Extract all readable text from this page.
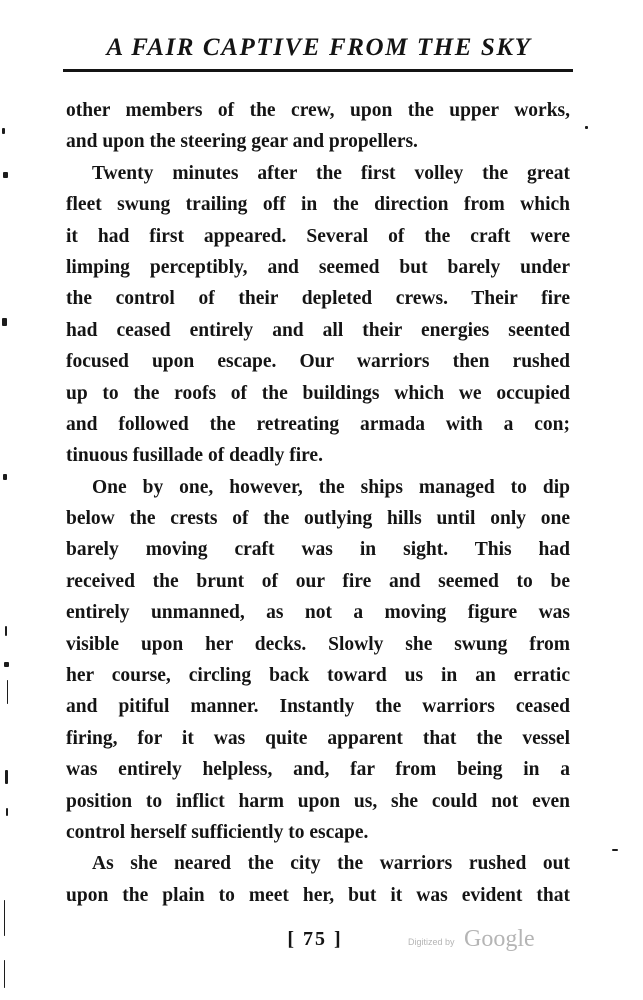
A FAIR CAPTIVE FROM THE SKY
other members of the crew, upon the upper works,
and upon the steering gear and propellers.
Twenty minutes after the first volley the great
fleet swung trailing off in the direction from which
it had first appeared. Several of the craft were
limping perceptibly, and seemed but barely under
the control of their depleted crews. Their fire
had ceased entirely and all their energies seented
focused upon escape. Our warriors then rushed
up to the roofs of the buildings which we occupied
and followed the retreating armada with a con;
tinuous fusillade of deadly fire.
One by one, however, the ships managed to dip
below the crests of the outlying hills until only one
barely moving craft was in sight. This had
received the brunt of our fire and seemed to be
entirely unmanned, as not a moving figure was
visible upon her decks. Slowly she swung from
her course, circling back toward us in an erratic
and pitiful manner. Instantly the warriors ceased
firing, for it was quite apparent that the vessel
was entirely helpless, and, far from being in a
position to inflict harm upon us, she could not even
control herself sufficiently to escape.
As she neared the city the warriors rushed out
upon the plain to meet her, but it was evident that
[ 75 ]	Digitized by Google
